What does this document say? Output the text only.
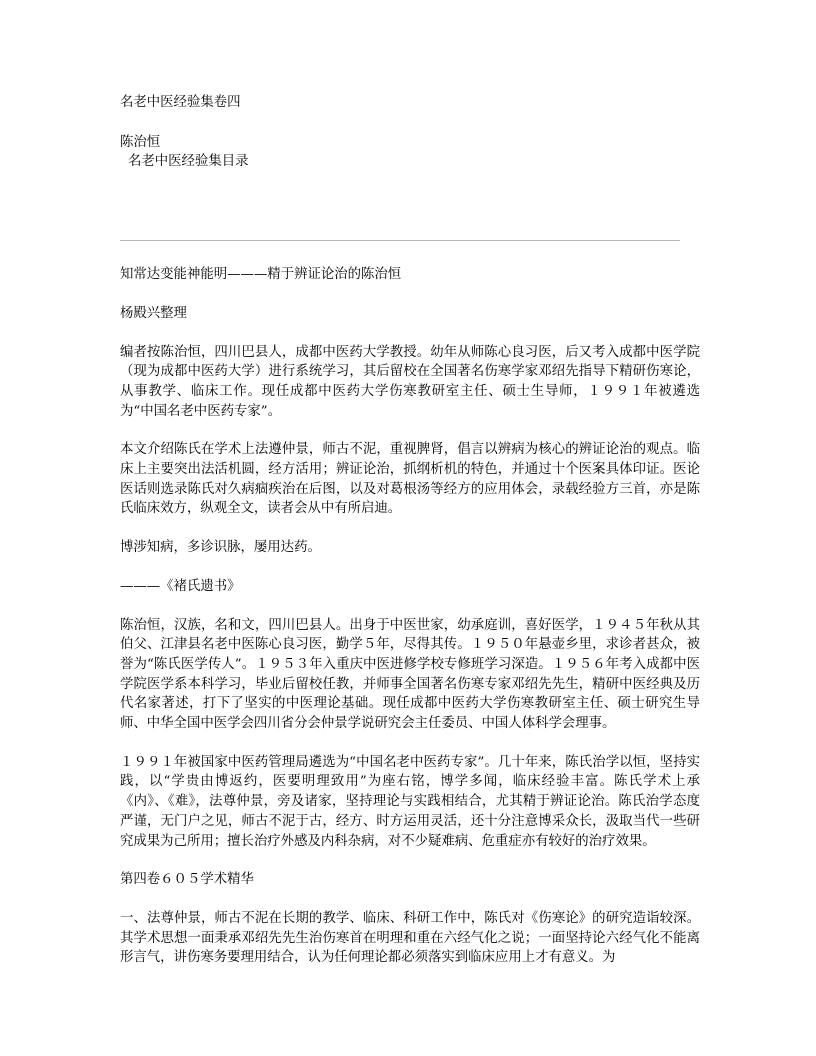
名老中医经验集卷四

陈治恒

名老中医经验集目录

知常达变能神能明———精于辨证论治的陈治恒

杨殿兴整理

编者按陈治恒，四川巴县人，成都中医药大学教授。幼年从师陈心良习医，后又考入成都中医学院（现为成都中医药大学）进行系统学习，其后留校在全国著名伤寒学家邓绍先指导下精研伤寒论，从事教学、临床工作。现任成都中医药大学伤寒教研室主任、硕士生导师，１９９１年被遴选为“中国名老中医药专家”。

本文介绍陈氏在学术上法遵仲景，师古不泥，重视脾肾，倡言以辨病为核心的辨证论治的观点。临床上主要突出法活机圆，经方活用；辨证论治，抓纲析机的特色，并通过十个医案具体印证。医论医话则选录陈氏对久病痼疾治在后图，以及对葛根汤等经方的应用体会，录载经验方三首，亦是陈氏临床效方，纵观全文，读者会从中有所启迪。

博涉知病，多诊识脉，屡用达药。

———《褚氏遗书》

陈治恒，汉族，名和文，四川巴县人。出身于中医世家，幼承庭训，喜好医学，１９４５年秋从其伯父、江津县名老中医陈心良习医，勤学５年，尽得其传。１９５０年悬壶乡里，求诊者甚众，被誉为“陈氏医学传人”。１９５３年入重庆中医进修学校专修班学习深造。１９５６年考入成都中医学院医学系本科学习，毕业后留校任教，并师事全国著名伤寒专家邓绍先先生，精研中医经典及历代名家著述，打下了坚实的中医理论基础。现任成都中医药大学伤寒教研室主任、硕士研究生导师、中华全国中医学会四川省分会仲景学说研究会主任委员、中国人体科学会理事。

１９９１年被国家中医药管理局遴选为“中国名老中医药专家”。几十年来，陈氏治学以恒，坚持实践，以“学贵由博返约，医要明理致用”为座右铭，博学多闻，临床经验丰富。陈氏学术上承《内》、《难》，法尊仲景，旁及诸家，坚持理论与实践相结合，尤其精于辨证论治。陈氏治学态度严谨，无门户之见，师古不泥于古，经方、时方运用灵活，还十分注意博采众长，汲取当代一些研究成果为己所用；擅长治疗外感及内科杂病，对不少疑难病、危重症亦有较好的治疗效果。

第四卷６０５学术精华

一、法尊仲景，师古不泥在长期的教学、临床、科研工作中，陈氏对《伤寒论》的研究造诣较深。其学术思想一面秉承邓绍先先生治伤寒首在明理和重在六经气化之说；一面坚持论六经气化不能离形言气，讲伤寒务要理用结合，认为任何理论都必须落实到临床应用上才有意义。为
